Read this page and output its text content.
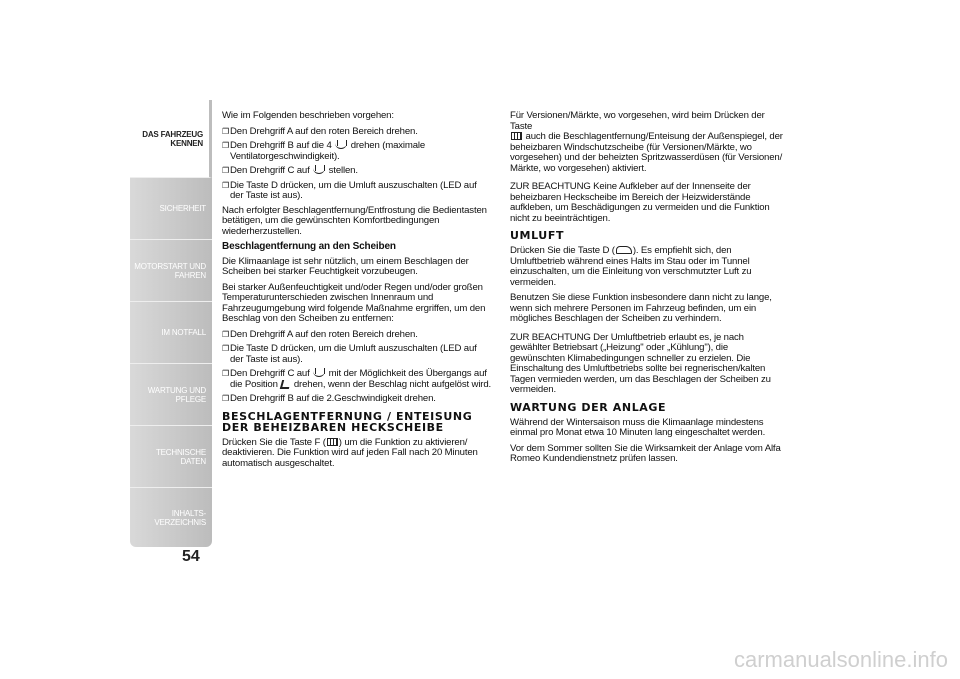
DAS FAHRZEUG KENNEN
SICHERHEIT
MOTORSTART UND FAHREN
IM NOTFALL
WARTUNG UND PFLEGE
TECHNISCHE DATEN
INHALTS-VERZEICHNIS
54

Wie im Folgenden beschrieben vorgehen:

❐ Den Drehgriff A auf den roten Bereich drehen.
❐ Den Drehgriff B auf die 4 drehen (maximale Ventilatorgeschwindigkeit).
❐ Den Drehgriff C auf stellen.
❐ Die Taste D drücken, um die Umluft auszuschalten (LED auf der Taste ist aus).

Nach erfolgter Beschlagentfernung/Entfrostung die Bedientasten betätigen, um die gewünschten Komfortbedingungen wiederherzustellen.

Beschlagentfernung an den Scheiben

Die Klimaanlage ist sehr nützlich, um einem Beschlagen der Scheiben bei starker Feuchtigkeit vorzubeugen.

Bei starker Außenfeuchtigkeit und/oder Regen und/oder großen Temperaturunterschieden zwischen Innenraum und Fahrzeugumgebung wird folgende Maßnahme ergriffen, um den Beschlag von den Scheiben zu entfernen:

❐ Den Drehgriff A auf den roten Bereich drehen.
❐ Die Taste D drücken, um die Umluft auszuschalten (LED auf der Taste ist aus).
❐ Den Drehgriff C auf mit der Möglichkeit des Übergangs auf die Position drehen, wenn der Beschlag nicht aufgelöst wird.
❐ Den Drehgriff B auf die 2.Geschwindigkeit drehen.
BESCHLAGENTFERNUNG / ENTEISUNG DER BEHEIZBAREN HECKSCHEIBE

Drücken Sie die Taste F ( ) um die Funktion zu aktivieren/ deaktivieren. Die Funktion wird auf jeden Fall nach 20 Minuten automatisch ausgeschaltet.

Für Versionen/Märkte, wo vorgesehen, wird beim Drücken der Taste
auch die Beschlagentfernung/Enteisung der Außenspiegel, der beheizbaren Windschutzscheibe (für Versionen/Märkte, wo vorgesehen) und der beheizten Spritzwasserdüsen (für Versionen/ Märkte, wo vorgesehen) aktiviert.

ZUR BEACHTUNG Keine Aufkleber auf der Innenseite der beheizbaren Heckscheibe im Bereich der Heizwiderstände aufkleben, um Beschädigungen zu vermeiden und die Funktion nicht zu beeinträchtigen.

UMLUFT

Drücken Sie die Taste D ( ). Es empfiehlt sich, den Umluftbetrieb während eines Halts im Stau oder im Tunnel einzuschalten, um die Einleitung von verschmutzter Luft zu vermeiden.

Benutzen Sie diese Funktion insbesondere dann nicht zu lange, wenn sich mehrere Personen im Fahrzeug befinden, um ein mögliches Beschlagen der Scheiben zu verhindern.

ZUR BEACHTUNG Der Umluftbetrieb erlaubt es, je nach gewählter Betriebsart („Heizung" oder „Kühlung"), die gewünschten Klimabedingungen schneller zu erzielen. Die Einschaltung des Umluftbetriebs sollte bei regnerischen/kalten Tagen vermieden werden, um das Beschlagen der Scheiben zu vermeiden.

WARTUNG DER ANLAGE

Während der Wintersaison muss die Klimaanlage mindestens einmal pro Monat etwa 10 Minuten lang eingeschaltet werden.

Vor dem Sommer sollten Sie die Wirksamkeit der Anlage vom Alfa Romeo Kundendienstnetz prüfen lassen.

carmanualsonline.info
